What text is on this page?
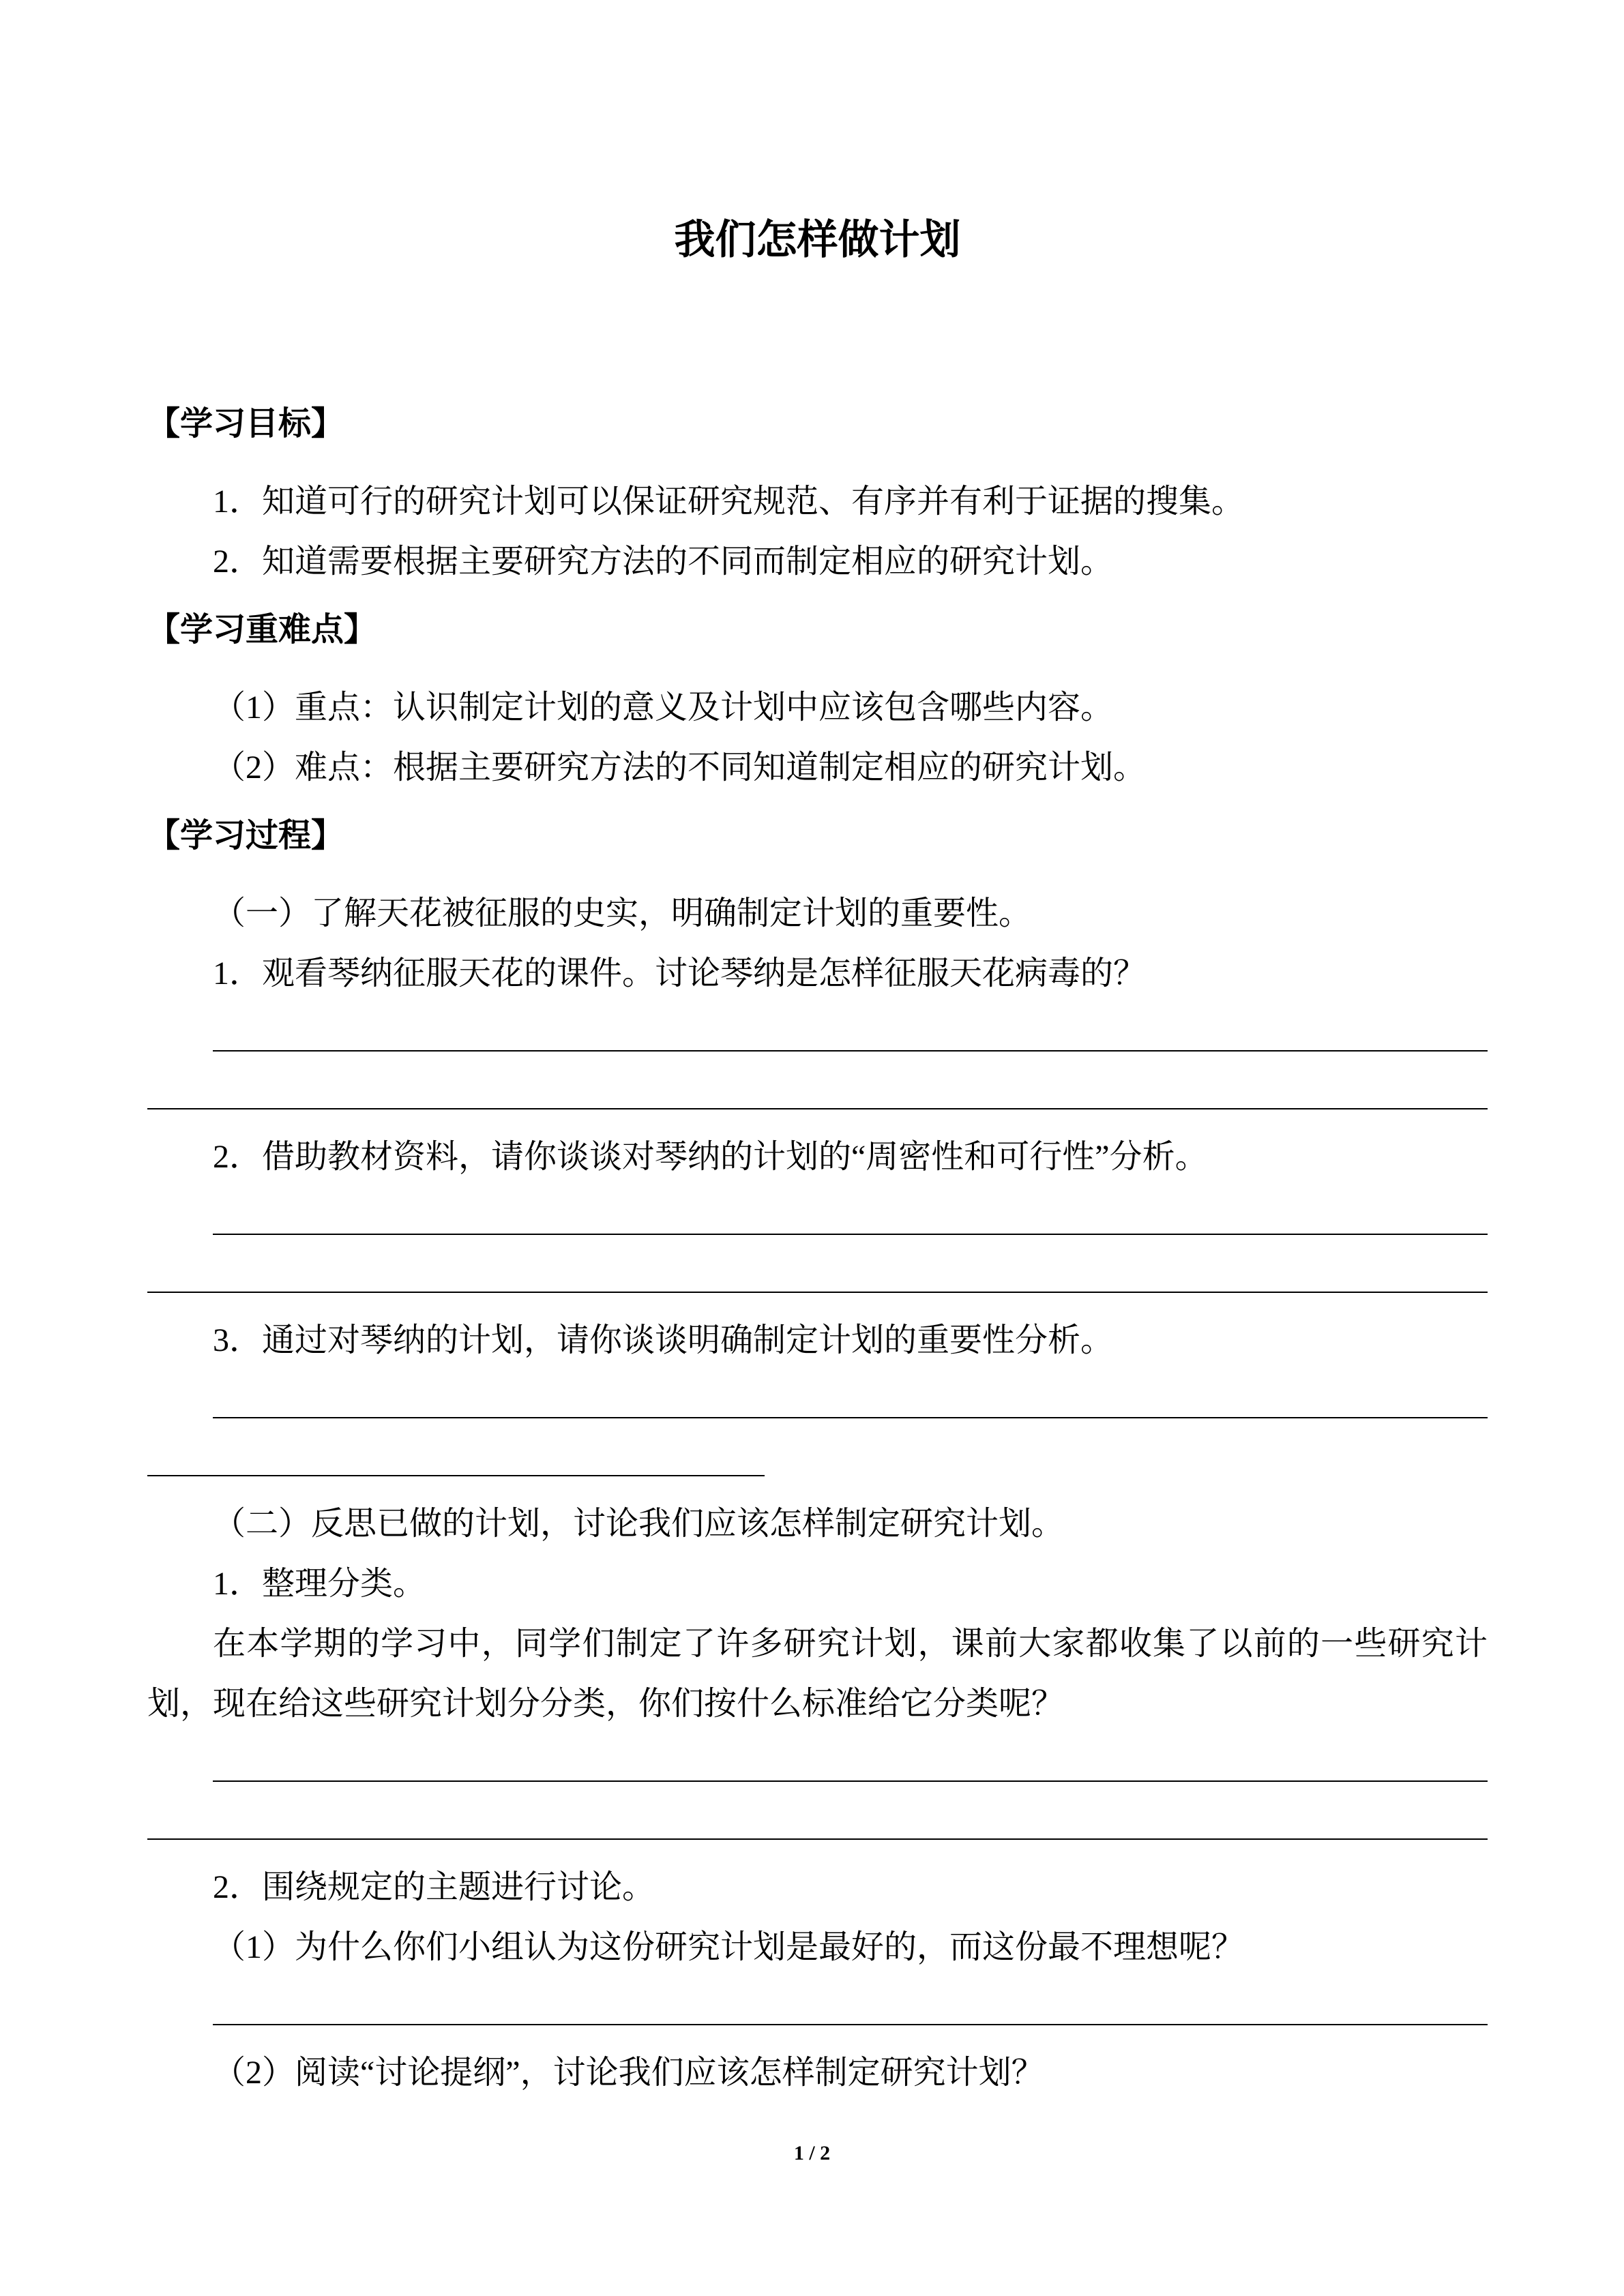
我们怎样做计划
【学习目标】

1．知道可行的研究计划可以保证研究规范、有序并有利于证据的搜集。

2．知道需要根据主要研究方法的不同而制定相应的研究计划。

【学习重难点】

（1）重点：认识制定计划的意义及计划中应该包含哪些内容。

（2）难点：根据主要研究方法的不同知道制定相应的研究计划。

【学习过程】

（一）了解天花被征服的史实，明确制定计划的重要性。

1．观看琴纳征服天花的课件。讨论琴纳是怎样征服天花病毒的？

2．借助教材资料，请你谈谈对琴纳的计划的“周密性和可行性”分析。

3．通过对琴纳的计划，请你谈谈明确制定计划的重要性分析。

（二）反思已做的计划，讨论我们应该怎样制定研究计划。

1．整理分类。

在本学期的学习中，同学们制定了许多研究计划，课前大家都收集了以前的一些研究计划，现在给这些研究计划分分类，你们按什么标准给它分类呢？

2．围绕规定的主题进行讨论。

（1）为什么你们小组认为这份研究计划是最好的，而这份最不理想呢？

（2）阅读“讨论提纲”，讨论我们应该怎样制定研究计划？

1 / 2
